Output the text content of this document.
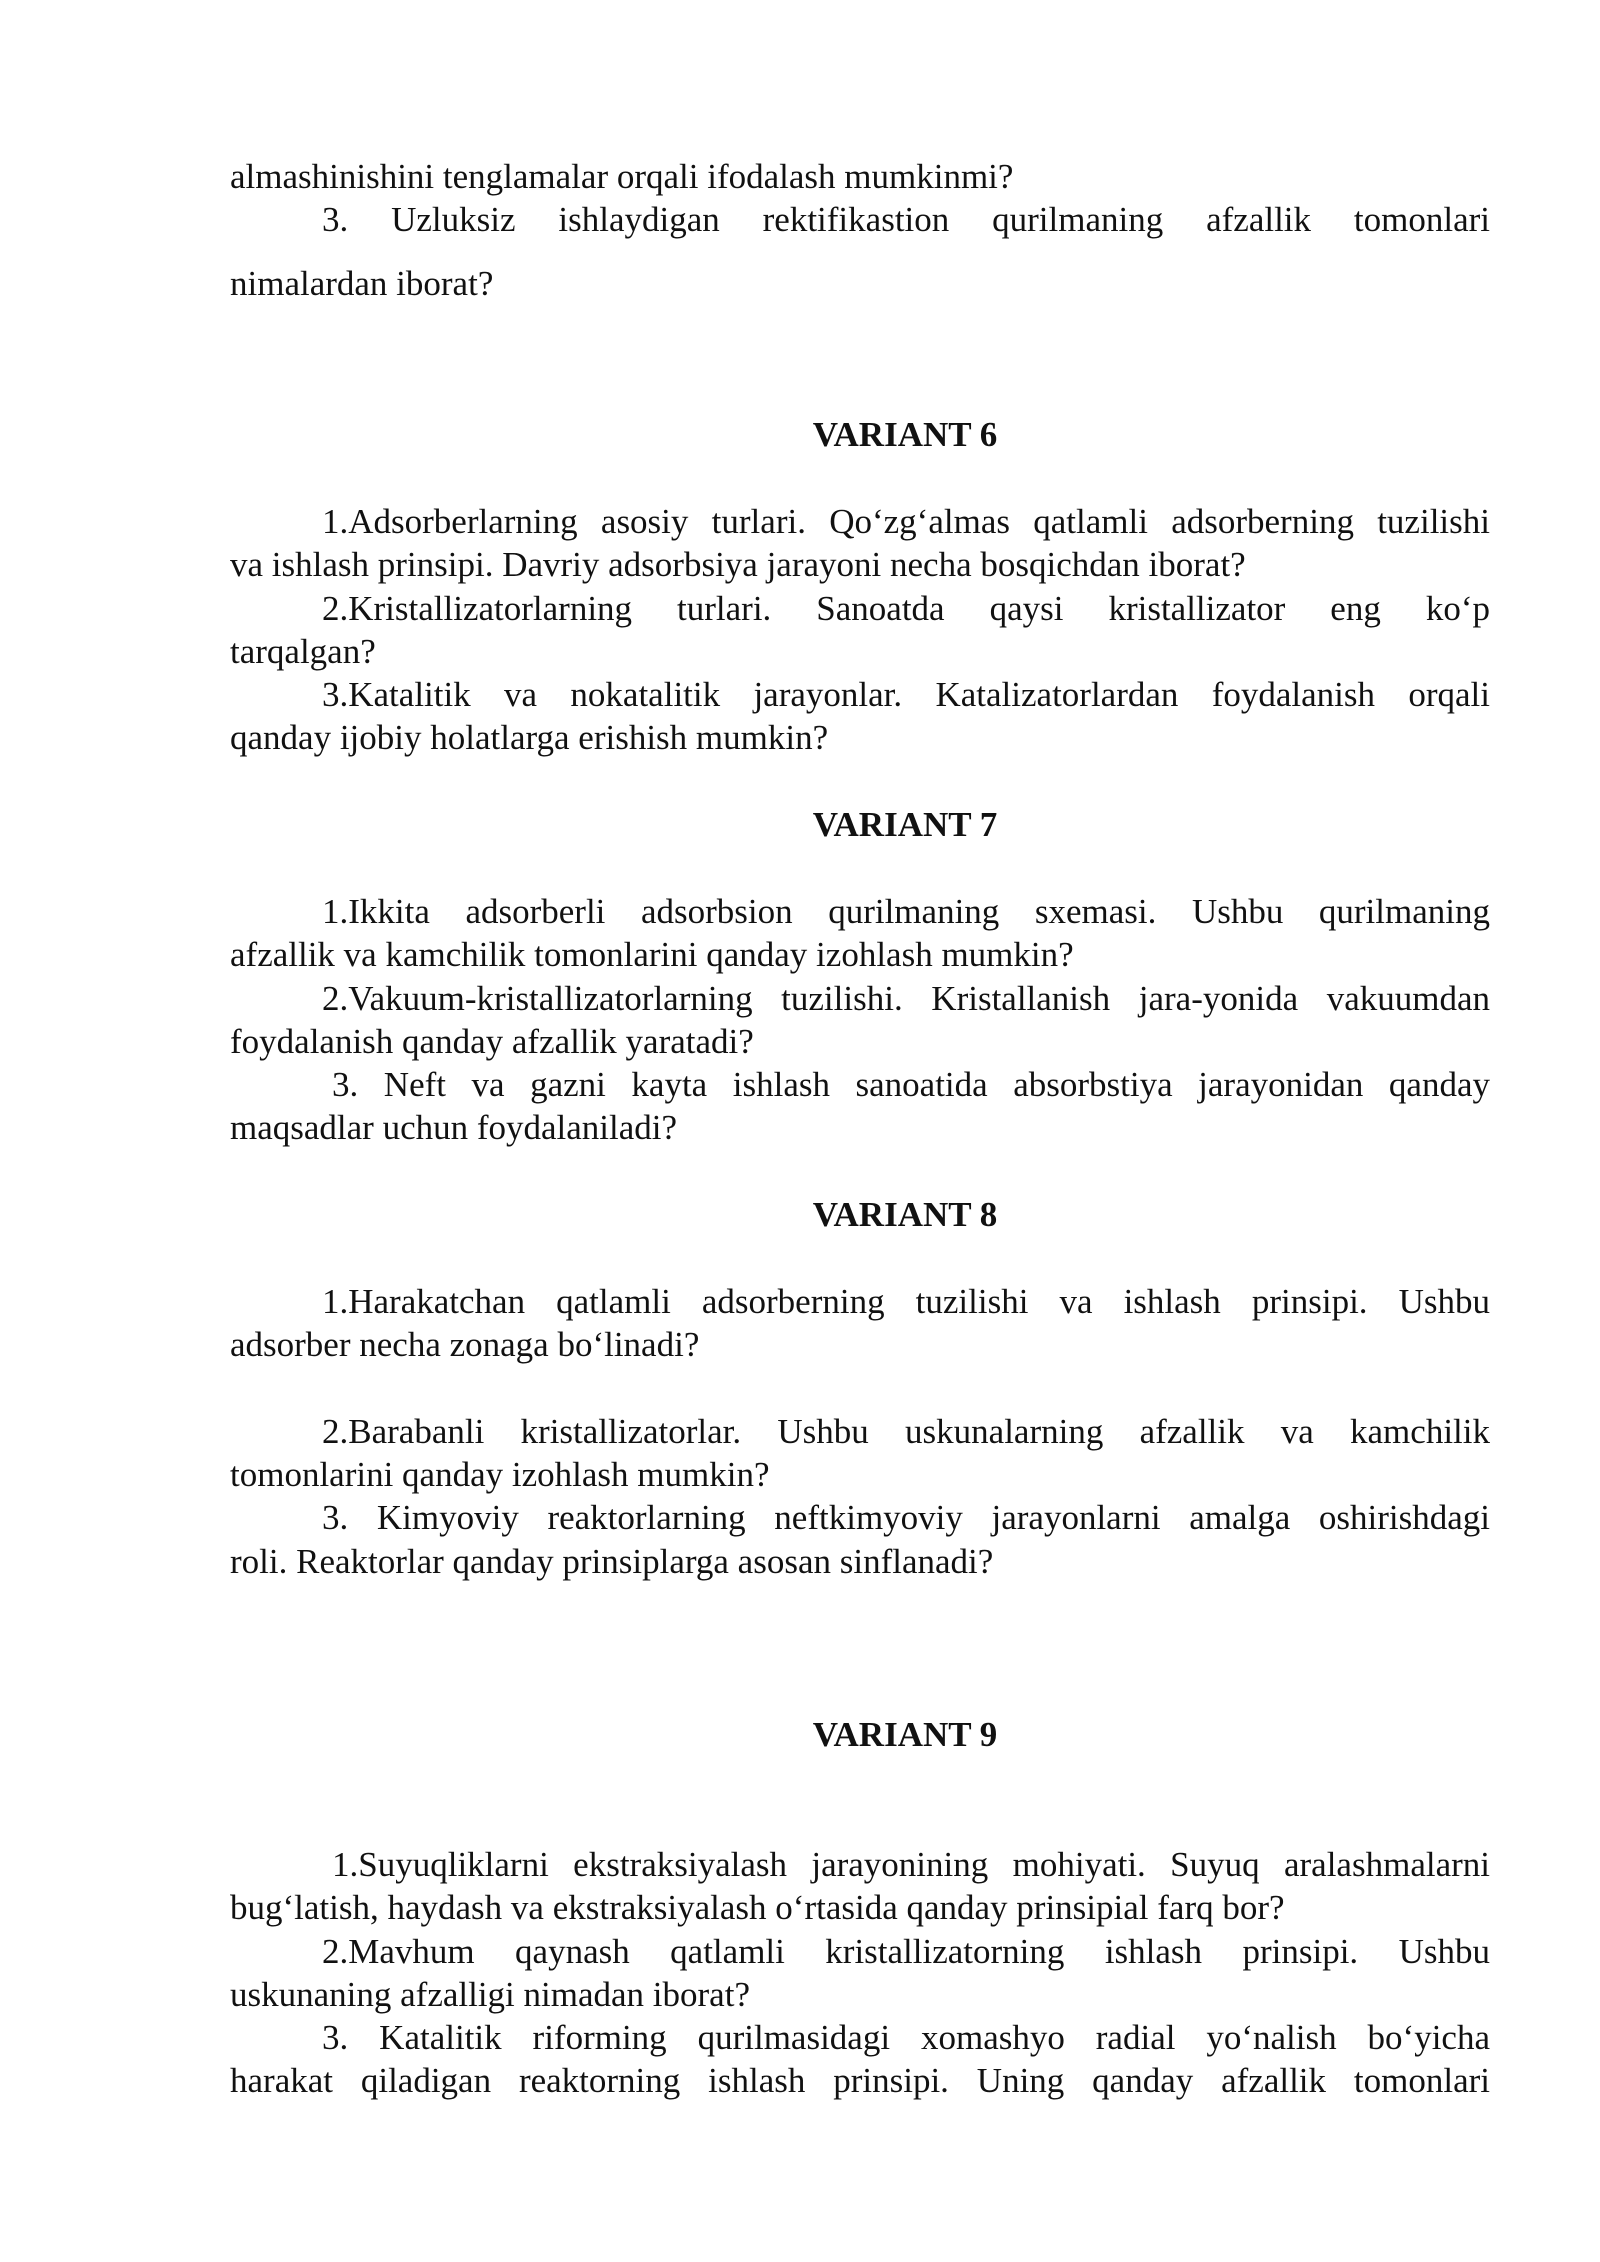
almashinishini tenglamalar orqali ifodalash mumkinmi?
3. Uzluksiz ishlaydigan rektifikastion qurilmaning afzallik tomonlari
nimalardan iborat?
VARIANT 6
1.Adsorberlarning asosiy turlari. Qo‘zg‘almas qatlamli adsorberning tuzilishi
va ishlash prinsipi. Davriy adsorbsiya jarayoni necha bosqichdan iborat?
2.Kristallizatorlarning turlari. Sanoatda qaysi kristallizator eng ko‘p
tarqalgan?
3.Katalitik va nokatalitik jarayonlar. Katalizatorlardan foydalanish orqali
qanday ijobiy holatlarga erishish mumkin?
VARIANT 7
1.Ikkita adsorberli adsorbsion qurilmaning sxemasi. Ushbu qurilmaning
afzallik va kamchilik tomonlarini qanday izohlash mumkin?
2.Vakuum-kristallizatorlarning tuzilishi. Kristallanish jara-yonida vakuumdan
foydalanish qanday afzallik yaratadi?
3. Neft va gazni kayta ishlash sanoatida absorbstiya jarayonidan qanday
maqsadlar uchun foydalaniladi?
VARIANT 8
1.Harakatchan qatlamli adsorberning tuzilishi va ishlash prinsipi. Ushbu
adsorber necha zonaga bo‘linadi?
2.Barabanli kristallizatorlar. Ushbu uskunalarning afzallik va kamchilik
tomonlarini qanday izohlash mumkin?
3. Kimyoviy reaktorlarning neftkimyoviy jarayonlarni amalga oshirishdagi
roli. Reaktorlar qanday prinsiplarga asosan sinflanadi?
VARIANT 9
1.Suyuqliklarni ekstraksiyalash jarayonining mohiyati. Suyuq aralashmalarni
bug‘latish, haydash va ekstraksiyalash o‘rtasida qanday prinsipial farq bor?
2.Mavhum qaynash qatlamli kristallizatorning ishlash prinsipi. Ushbu
uskunaning afzalligi nimadan iborat?
3. Katalitik riforming qurilmasidagi xomashyo radial yo‘nalish bo‘yicha
harakat qiladigan reaktorning ishlash prinsipi. Uning qanday afzallik tomonlari
